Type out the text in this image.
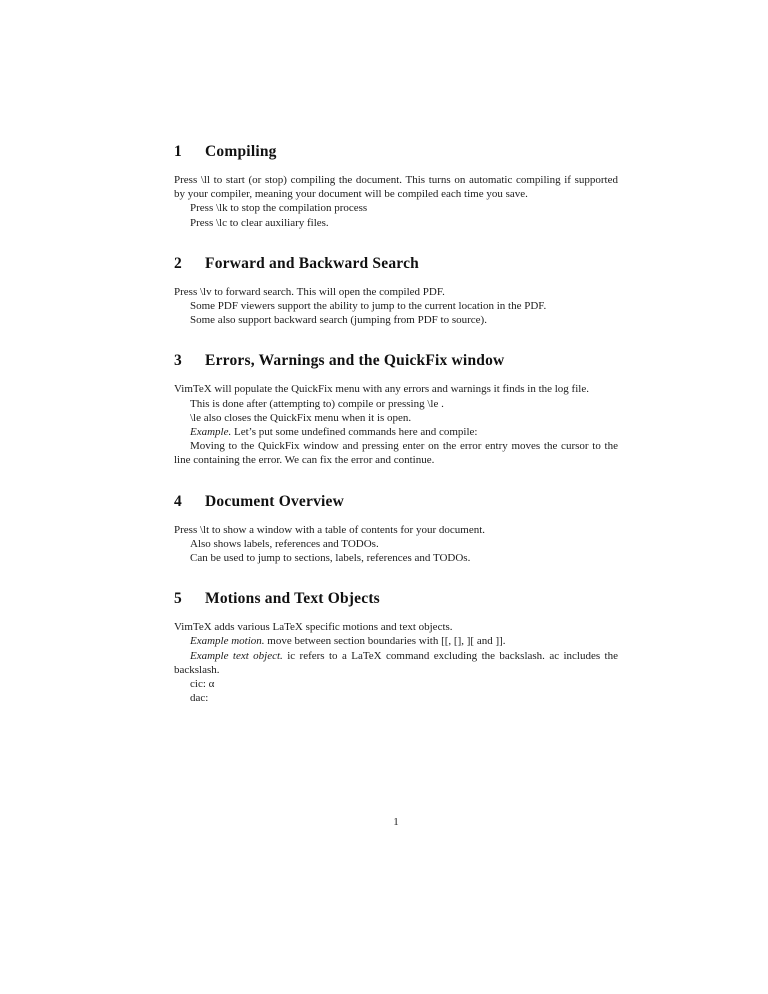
1 Compiling

Press \ll to start (or stop) compiling the document. This turns on automatic compiling if supported by your compiler, meaning your document will be compiled each time you save.

Press \lk to stop the compilation process

Press \lc to clear auxiliary files.

2 Forward and Backward Search

Press \lv to forward search. This will open the compiled PDF.

Some PDF viewers support the ability to jump to the current location in the PDF.

Some also support backward search (jumping from PDF to source).

3 Errors, Warnings and the QuickFix window

VimTeX will populate the QuickFix menu with any errors and warnings it finds in the log file.

This is done after (attempting to) compile or pressing \le .

\le also closes the QuickFix menu when it is open.

Example. Let’s put some undefined commands here and compile:

Moving to the QuickFix window and pressing enter on the error entry moves the cursor to the line containing the error. We can fix the error and continue.

4 Document Overview

Press \lt to show a window with a table of contents for your document.

Also shows labels, references and TODOs.

Can be used to jump to sections, labels, references and TODOs.

5 Motions and Text Objects

VimTeX adds various LaTeX specific motions and text objects.

Example motion. move between section boundaries with [[, [], ][ and ]].

Example text object. ic refers to a LaTeX command excluding the backslash. ac includes the backslash.

cic: α

dac:

1
